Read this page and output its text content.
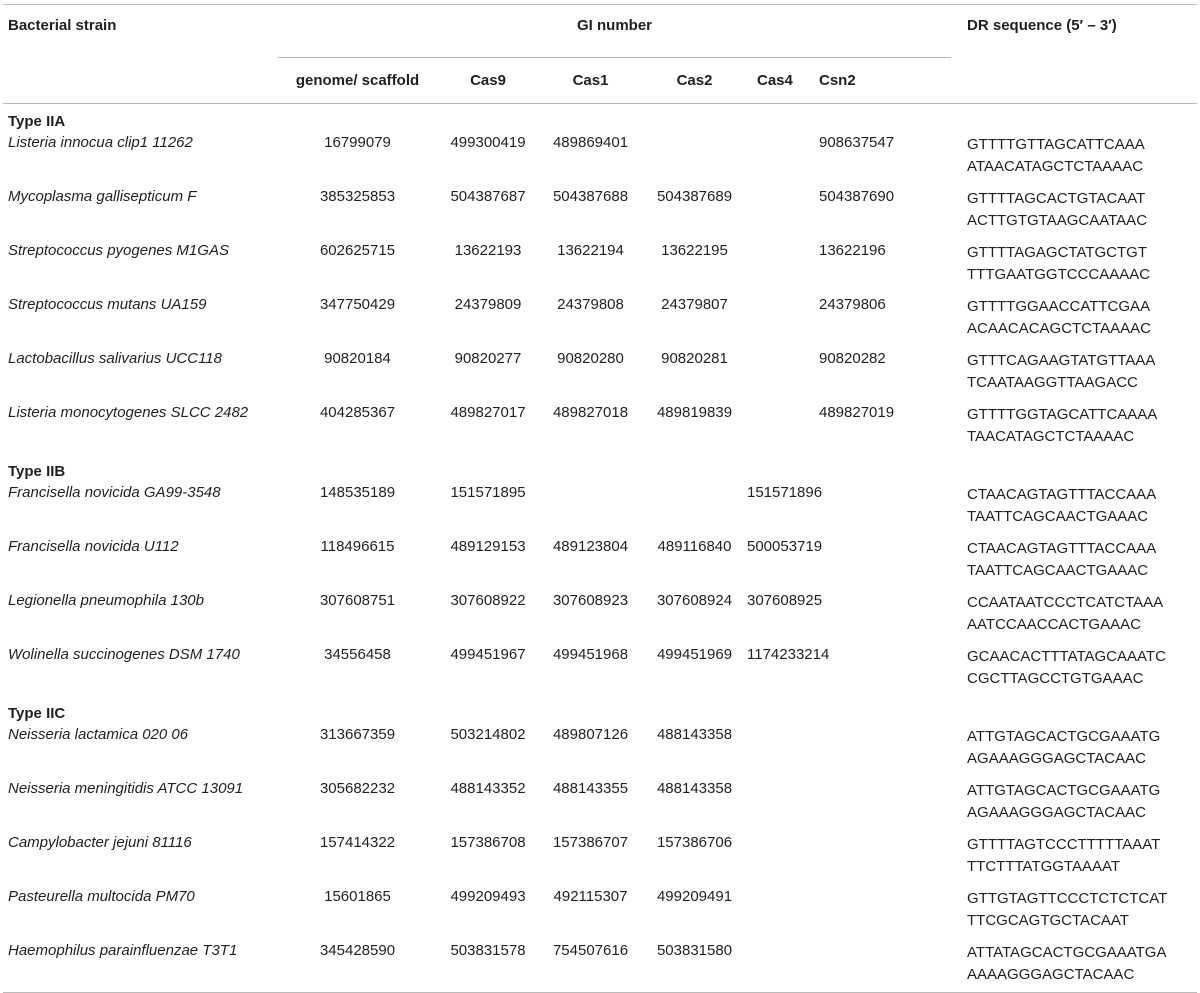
Bacterial strain	GI number						DR sequence (5′ – 3′)
	genome/ scaffold	Cas9	Cas1	Cas2	Cas4	Csn2	
Type IIA							
Listeria innocua clip1 11262	16799079	499300419	489869401			908637547	GTTTTGTTAGCATTCAAA
ATAACATAGCTCTAAAAC

Mycoplasma gallisepticum F	385325853	504387687	504387688	504387689		504387690	GTTTTAGCACTGTACAAT
ACTTGTGTAAGCAATAAC

Streptococcus pyogenes M1GAS	602625715	13622193	13622194	13622195		13622196	GTTTTAGAGCTATGCTGT
TTTGAATGGTCCCAAAAC

Streptococcus mutans UA159	347750429	24379809	24379808	24379807		24379806	GTTTTGGAACCATTCGAA
ACAACACAGCTCTAAAAC

Lactobacillus salivarius UCC118	90820184	90820277	90820280	90820281		90820282	GTTTCAGAAGTATGTTAAA
TCAATAAGGTTAAGACC

Listeria monocytogenes SLCC 2482	404285367	489827017	489827018	489819839		489827019	GTTTTGGTAGCATTCAAAA
TAACATAGCTCTAAAAC

Type IIB							
Francisella novicida GA99-3548	148535189	151571895			151571896		CTAACAGTAGTTTACCAAA
TAATTCAGCAACTGAAAC

Francisella novicida U112	118496615	489129153	489123804	489116840	500053719		CTAACAGTAGTTTACCAAA
TAATTCAGCAACTGAAAC

Legionella pneumophila 130b	307608751	307608922	307608923	307608924	307608925		CCAATAATCCCTCATCTAAA
AATCCAACCACTGAAAC

Wolinella succinogenes DSM 1740	34556458	499451967	499451968	499451969	1174233214		GCAACACTTTATAGCAAATC
CGCTTAGCCTGTGAAAC

Type IIC							
Neisseria lactamica 020 06	313667359	503214802	489807126	488143358			ATTGTAGCACTGCGAAATG
AGAAAGGGAGCTACAAC

Neisseria meningitidis ATCC 13091	305682232	488143352	488143355	488143358			ATTGTAGCACTGCGAAATG
AGAAAGGGAGCTACAAC

Campylobacter jejuni 81116	157414322	157386708	157386707	157386706			GTTTTAGTCCCTTTTTAAAT
TTCTTTATGGTAAAAT

Pasteurella multocida PM70	15601865	499209493	492115307	499209491			GTTGTAGTTCCCTCTCTCAT
TTCGCAGTGCTACAAT

Haemophilus parainfluenzae T3T1	345428590	503831578	754507616	503831580			ATTATAGCACTGCGAAATGA
AAAAGGGAGCTACAAC
